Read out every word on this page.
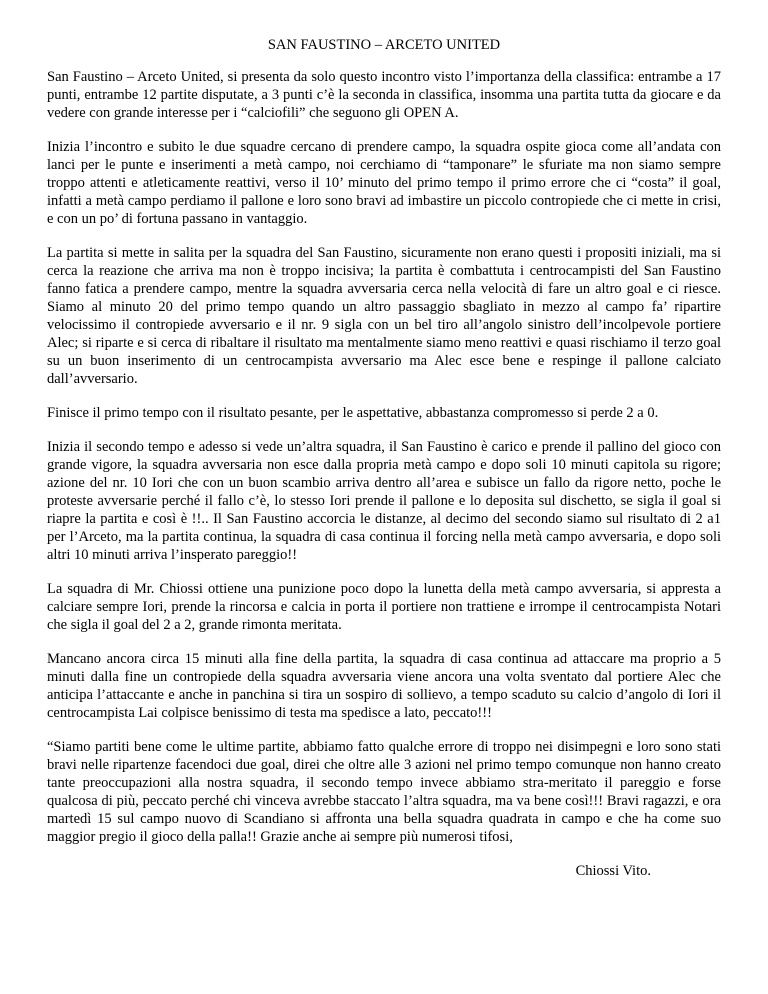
SAN FAUSTINO – ARCETO UNITED

San Faustino – Arceto United, si presenta da solo questo incontro visto l’importanza della classifica: entrambe a 17 punti, entrambe 12 partite disputate, a 3 punti c’è la seconda in classifica, insomma una partita tutta da giocare e da vedere con grande interesse per i “calciofili” che seguono gli OPEN A.

Inizia l’incontro e subito le due squadre cercano di prendere campo, la squadra ospite gioca come all’andata con lanci per le punte e inserimenti a metà campo, noi cerchiamo di “tamponare” le sfuriate ma non siamo sempre troppo attenti e atleticamente reattivi, verso il 10’ minuto del primo tempo il primo errore che ci “costa” il goal, infatti a metà campo perdiamo il pallone e loro sono bravi ad imbastire un piccolo contropiede che ci mette in crisi, e con un po’ di fortuna passano in vantaggio.

La partita si mette in salita per la squadra del San Faustino, sicuramente non erano questi i propositi iniziali, ma si cerca la reazione che arriva ma non è troppo incisiva; la partita è combattuta i centrocampisti del San Faustino fanno fatica a prendere campo, mentre la squadra avversaria cerca nella velocità di fare un altro goal e ci riesce. Siamo al minuto 20 del primo tempo quando un altro passaggio sbagliato in mezzo al campo fa’ ripartire velocissimo il contropiede avversario e il nr. 9 sigla con un bel tiro all’angolo sinistro dell’incolpevole portiere Alec; si riparte e si cerca di ribaltare il risultato ma mentalmente siamo meno reattivi e quasi rischiamo il terzo goal su un buon inserimento di un centrocampista avversario ma Alec esce bene e respinge il pallone calciato dall’avversario.

Finisce il primo tempo con il risultato pesante, per le aspettative, abbastanza compromesso si perde 2 a 0.

Inizia il secondo tempo e adesso si vede un’altra squadra, il San Faustino è carico e prende il pallino del gioco con grande vigore, la squadra avversaria non esce dalla propria metà campo e dopo soli 10 minuti capitola su rigore; azione del nr. 10 Iori che con un buon scambio arriva dentro all’area e subisce un fallo da rigore netto, poche le proteste avversarie perché il fallo c’è, lo stesso Iori prende il pallone e lo deposita sul dischetto, se sigla il goal si riapre la partita e così è !!.. Il San Faustino accorcia le distanze, al decimo del secondo siamo sul risultato di 2 a1 per l’Arceto, ma la partita continua, la squadra di casa continua il forcing nella metà campo avversaria, e dopo soli altri 10 minuti arriva l’insperato pareggio!!

La squadra di Mr. Chiossi ottiene una punizione poco dopo la lunetta della metà campo avversaria, si appresta a calciare sempre Iori, prende la rincorsa e calcia in porta il portiere non trattiene e irrompe il centrocampista Notari che sigla il goal del 2 a 2, grande rimonta meritata.

Mancano ancora circa 15 minuti alla fine della partita, la squadra di casa continua ad attaccare ma proprio a 5 minuti dalla fine un contropiede della squadra avversaria viene ancora una volta sventato dal portiere Alec che anticipa l’attaccante e anche in panchina si tira un sospiro di sollievo, a tempo scaduto su calcio d’angolo di Iori il centrocampista Lai colpisce benissimo di testa ma spedisce a lato, peccato!!!

“Siamo partiti bene come le ultime partite, abbiamo fatto qualche errore di troppo nei disimpegni e loro sono stati bravi nelle ripartenze facendoci due goal, direi che oltre alle 3 azioni nel primo tempo comunque non hanno creato tante preoccupazioni alla nostra squadra, il secondo tempo invece abbiamo stra-meritato il pareggio e forse qualcosa di più, peccato perché chi vinceva avrebbe staccato l’altra squadra, ma va bene così!!! Bravi ragazzi, e ora martedì 15 sul campo nuovo di Scandiano si affronta una bella squadra quadrata in campo e che ha come suo maggior pregio il gioco della palla!! Grazie anche ai sempre più numerosi tifosi,

Chiossi Vito.
